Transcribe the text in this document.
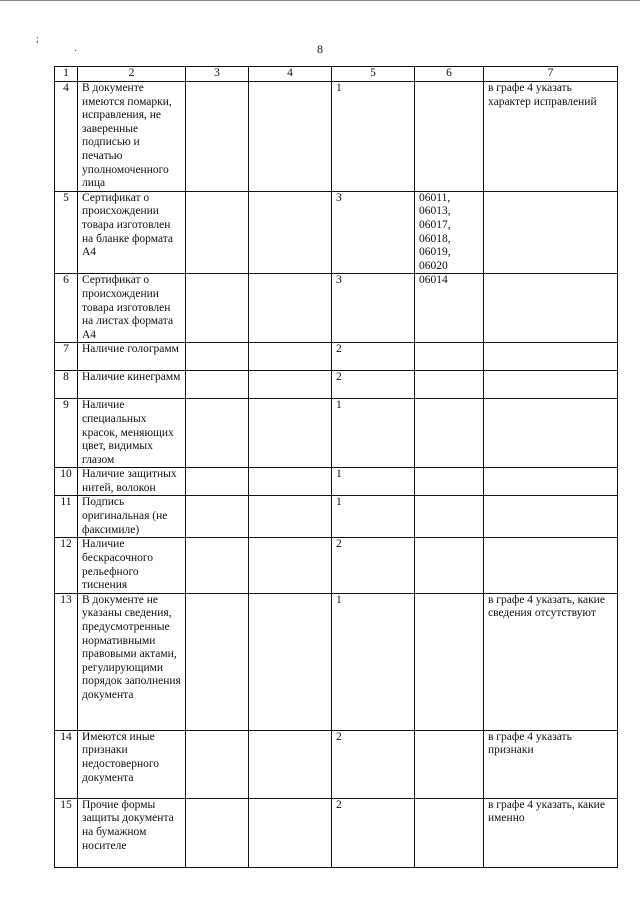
;
·	8
1	2	3	4	5	6	7
4	В документе имеются помарки, исправления, не заверенные подписью и печатью уполномоченного лица			1		в графе 4 указать характер исправлений
5	Сертификат о происхождении товара изготовлен на бланке формата А4			3	06011, 06013, 06017, 06018, 06019, 06020	
6	Сертификат о происхождении товара изготовлен на листах формата А4			3	06014	
7	Наличие голограмм			2		
8	Наличие кинеграмм			2		
9	Наличие специальных красок, меняющих цвет, видимых глазом			1		
10	Наличие защитных нитей, волокон			1		
11	Подпись оригинальная (не факсимиле)			1		
12	Наличие бескрасочного рельефного тиснения			2		
13	В документе не указаны сведения, предусмотренные нормативными правовыми актами, регулирующими порядок заполнения документа			1		в графе 4 указать, какие сведения отсутствуют
14	Имеются иные признаки недостоверного документа			2		в графе 4 указать признаки
15	Прочие формы защиты документа на бумажном носителе			2		в графе 4 указать, какие именно
